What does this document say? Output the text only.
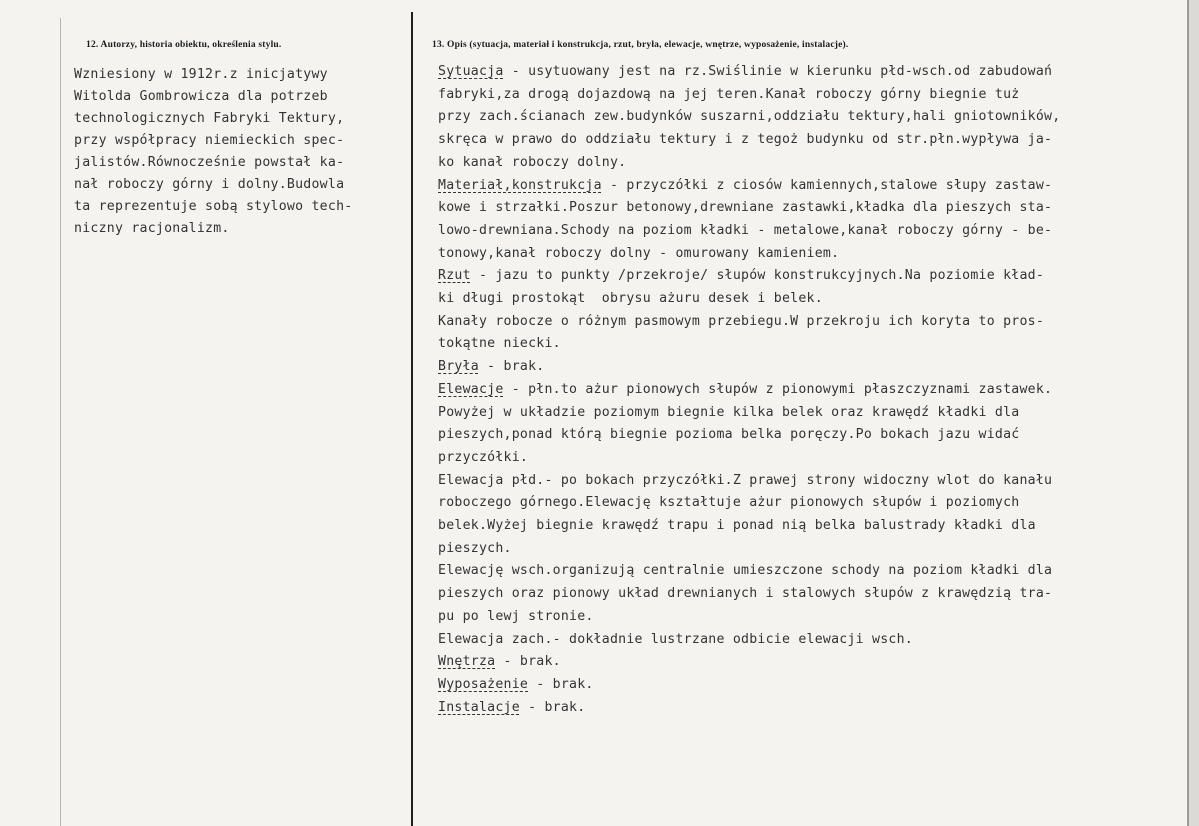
12. Autorzy, historia obiektu, określenia stylu.
Wzniesiony w 1912r.z inicjatywy
Witolda Gombrowicza dla potrzeb
technologicznych Fabryki Tektury,
przy współpracy niemieckich spec-
jalistów.Równocześnie powstał ka-
nał roboczy górny i dolny.Budowla
ta reprezentuje sobą stylowo tech-
niczny racjonalizm.
13. Opis (sytuacja, materiał i konstrukcja, rzut, bryła, elewacje, wnętrze, wyposażenie, instalacje).
Sytuacja - usytuowany jest na rz.Swiślinie w kierunku płd-wsch.od zabudowań
fabryki,za drogą dojazdową na jej teren.Kanał roboczy górny biegnie tuż
przy zach.ścianach zew.budynków suszarni,oddziału tektury,hali gniotowników,
skręca w prawo do oddziału tektury i z tegoż budynku od str.płn.wypływa ja-
ko kanał roboczy dolny.
Materiał,konstrukcja - przyczółki z ciosów kamiennych,stalowe słupy zastaw-
kowe i strzałki.Poszur betonowy,drewniane zastawki,kładka dla pieszych sta-
lowo-drewniana.Schody na poziom kładki - metalowe,kanał roboczy górny - be-
tonowy,kanał roboczy dolny - omurowany kamieniem.
Rzut - jazu to punkty /przekroje/ słupów konstrukcyjnych.Na poziomie kład-
ki długi prostokąt  obrysu ażuru desek i belek.
Kanały robocze o różnym pasmowym przebiegu.W przekroju ich koryta to pros-
tokątne niecki.
Bryła - brak.
Elewacje - płn.to ażur pionowych słupów z pionowymi płaszczyznami zastawek.
Powyżej w układzie poziomym biegnie kilka belek oraz krawędź kładki dla
pieszych,ponad którą biegnie pozioma belka poręczy.Po bokach jazu widać
przyczółki.
Elewacja płd.- po bokach przyczółki.Z prawej strony widoczny wlot do kanału
roboczego górnego.Elewację kształtuje ażur pionowych słupów i poziomych
belek.Wyżej biegnie krawędź trapu i ponad nią belka balustrady kładki dla
pieszych.
Elewację wsch.organizują centralnie umieszczone schody na poziom kładki dla
pieszych oraz pionowy układ drewnianych i stalowych słupów z krawędzią tra-
pu po lewj stronie.
Elewacja zach.- dokładnie lustrzane odbicie elewacji wsch.
Wnętrza - brak.
Wyposażenie - brak.
Instalacje - brak.
